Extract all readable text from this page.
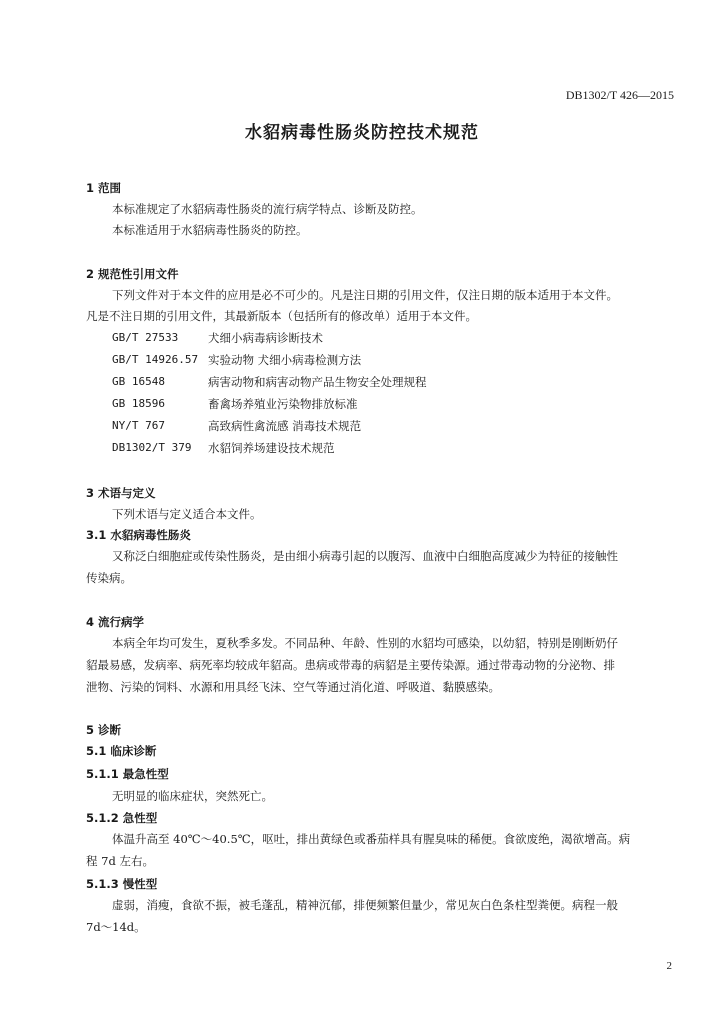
DB1302/T 426—2015
水貂病毒性肠炎防控技术规范
1 范围
本标准规定了水貂病毒性肠炎的流行病学特点、诊断及防控。
本标准适用于水貂病毒性肠炎的防控。
2 规范性引用文件
下列文件对于本文件的应用是必不可少的。凡是注日期的引用文件，仅注日期的版本适用于本文件。
凡是不注日期的引用文件，其最新版本（包括所有的修改单）适用于本文件。
GB/T 27533	犬细小病毒病诊断技术
GB/T 14926.57 实验动物 犬细小病毒检测方法
GB 16548	病害动物和病害动物产品生物安全处理规程
GB 18596	畜禽场养殖业污染物排放标准
NY/T 767	高致病性禽流感 消毒技术规范
DB1302/T 379 水貂饲养场建设技术规范
3 术语与定义
下列术语与定义适合本文件。
3.1 水貂病毒性肠炎
又称泛白细胞症或传染性肠炎，是由细小病毒引起的以腹泻、血液中白细胞高度减少为特征的接触性
传染病。
4 流行病学
本病全年均可发生，夏秋季多发。不同品种、年龄、性别的水貂均可感染，以幼貂，特别是刚断奶仔
貂最易感，发病率、病死率均较成年貂高。患病或带毒的病貂是主要传染源。通过带毒动物的分泌物、排
泄物、污染的饲料、水源和用具经飞沫、空气等通过消化道、呼吸道、黏膜感染。
5 诊断
5.1 临床诊断
5.1.1 最急性型
无明显的临床症状，突然死亡。
5.1.2 急性型
体温升高至 40℃～40.5℃，呕吐，排出黄绿色或番茄样具有腥臭味的稀便。食欲废绝，渴欲增高。病
程 7d 左右。
5.1.3 慢性型
虚弱，消瘦，食欲不振，被毛蓬乱，精神沉郁，排便频繁但量少，常见灰白色条柱型粪便。病程一般
7d～14d。
2
